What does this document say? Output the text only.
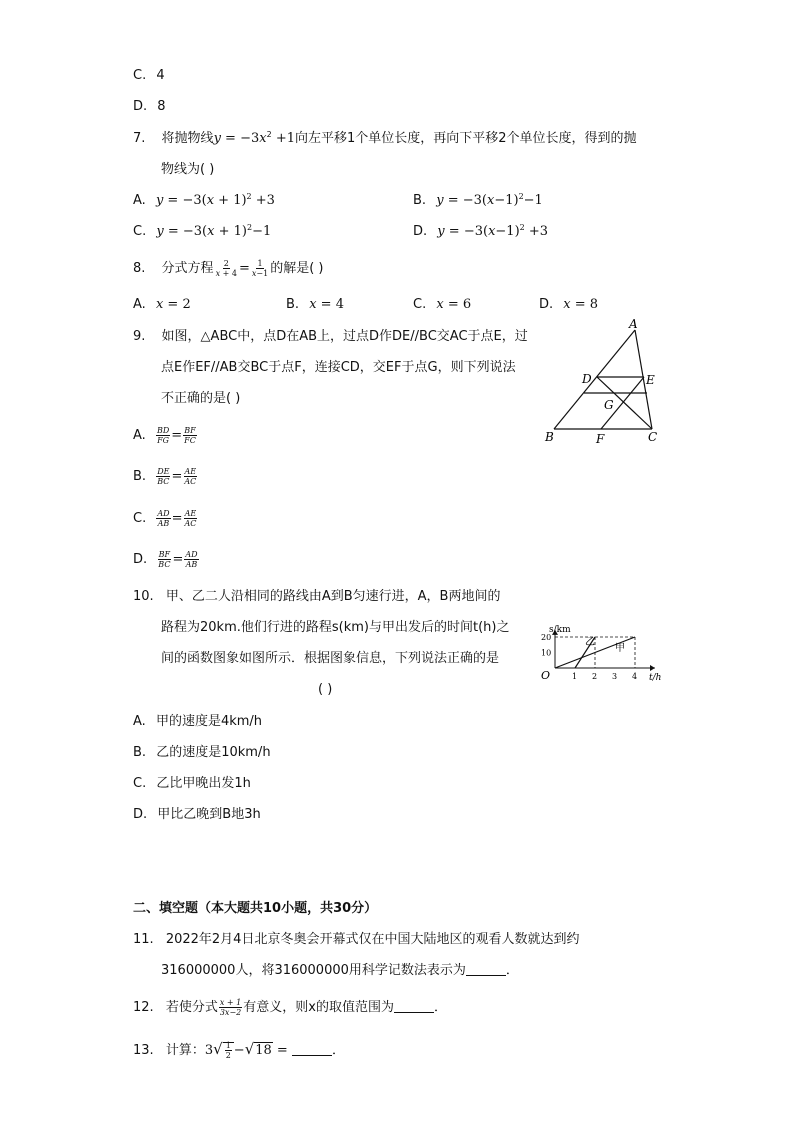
C. 4
D. 8
7. 将抛物线$y = -3x^2 +1$向左平移1个单位长度，再向下平移2个单位长度，得到的抛
物线为( )
A. $y = -3(x + 1)^2 +3$	B. $y = -3(x-1)^2-1$
C. $y = -3(x + 1)^2-1$	D. $y = -3(x-1)^2 +3$
8. 分式方程 $\frac{2}{x + 4} = \frac{1}{x-1}$ 的解是( )
A. x = 2	B. x = 4	C. x = 6	D. x = 8
9. 如图，△ABC中，点D在AB上，过点D作DE//BC交AC于点E，过
点E作EF//AB交BC于点F，连接CD，交EF于点G，则下列说法
不正确的是( )
A. $\frac{BD}{FG} = \frac{BF}{FC}$
B. $\frac{DE}{BC} = \frac{AE}{AC}$
C. $\frac{AD}{AB} = \frac{AE}{AC}$
D. $\frac{BF}{BC} = \frac{AD}{AB}$
A
B	C
D	E
F
G
10. 甲、乙二人沿相同的路线由A到B匀速行进，A，B两地间的
路程为20km.他们行进的路程s(km)与甲出发后的时间t(h)之
间的函数图象如图所示．根据图象信息，下列说法正确的是
( )
A. 甲的速度是4km/h
B. 乙的速度是10km/h
C. 乙比甲晚出发1h
D. 甲比乙晚到B地3h
s/km
t/h
O	1 2 3 4
10
20	乙
甲
二、填空题（本大题共10小题，共30分）
11. 2022年2月4日北京冬奥会开幕式仅在中国大陆地区的观看人数就达到约
316000000人，将316000000用科学记数法表示为	．
12. 若使分式 $\frac{x + 1}{3x-2}$ 有意义，则x的取值范围为	．
13. 计算：$3√ \frac{1}{2} -√18$ =	．
